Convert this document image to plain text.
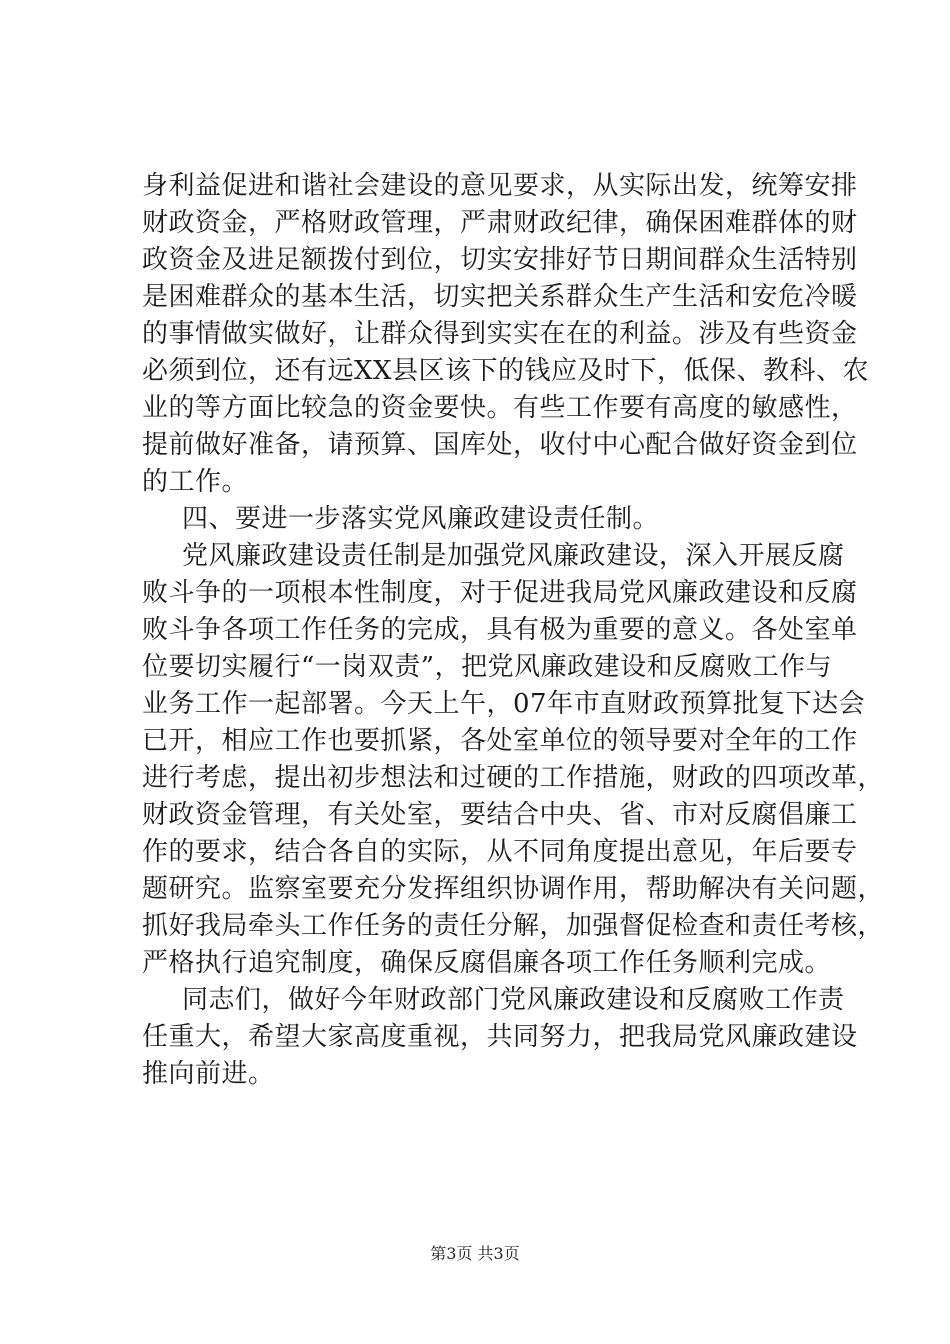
身利益促进和谐社会建设的意见要求，从实际出发，统筹安排
财政资金，严格财政管理，严肃财政纪律，确保困难群体的财
政资金及进足额拨付到位，切实安排好节日期间群众生活特别
是困难群众的基本生活，切实把关系群众生产生活和安危冷暖
的事情做实做好，让群众得到实实在在的利益。涉及有些资金
必须到位，还有远XX县区该下的钱应及时下，低保、教科、农
业的等方面比较急的资金要快。有些工作要有高度的敏感性，
提前做好准备，请预算、国库处，收付中心配合做好资金到位
的工作。
四、要进一步落实党风廉政建设责任制。
党风廉政建设责任制是加强党风廉政建设，深入开展反腐
败斗争的一项根本性制度，对于促进我局党风廉政建设和反腐
败斗争各项工作任务的完成，具有极为重要的意义。各处室单
位要切实履行“一岗双责”，把党风廉政建设和反腐败工作与
业务工作一起部署。今天上午，07年市直财政预算批复下达会
已开，相应工作也要抓紧，各处室单位的领导要对全年的工作
进行考虑，提出初步想法和过硬的工作措施，财政的四项改革，
财政资金管理，有关处室，要结合中央、省、市对反腐倡廉工
作的要求，结合各自的实际，从不同角度提出意见，年后要专
题研究。监察室要充分发挥组织协调作用，帮助解决有关问题，
抓好我局牵头工作任务的责任分解，加强督促检查和责任考核，
严格执行追究制度，确保反腐倡廉各项工作任务顺利完成。
同志们，做好今年财政部门党风廉政建设和反腐败工作责
任重大，希望大家高度重视，共同努力，把我局党风廉政建设
推向前进。
第3页 共3页
